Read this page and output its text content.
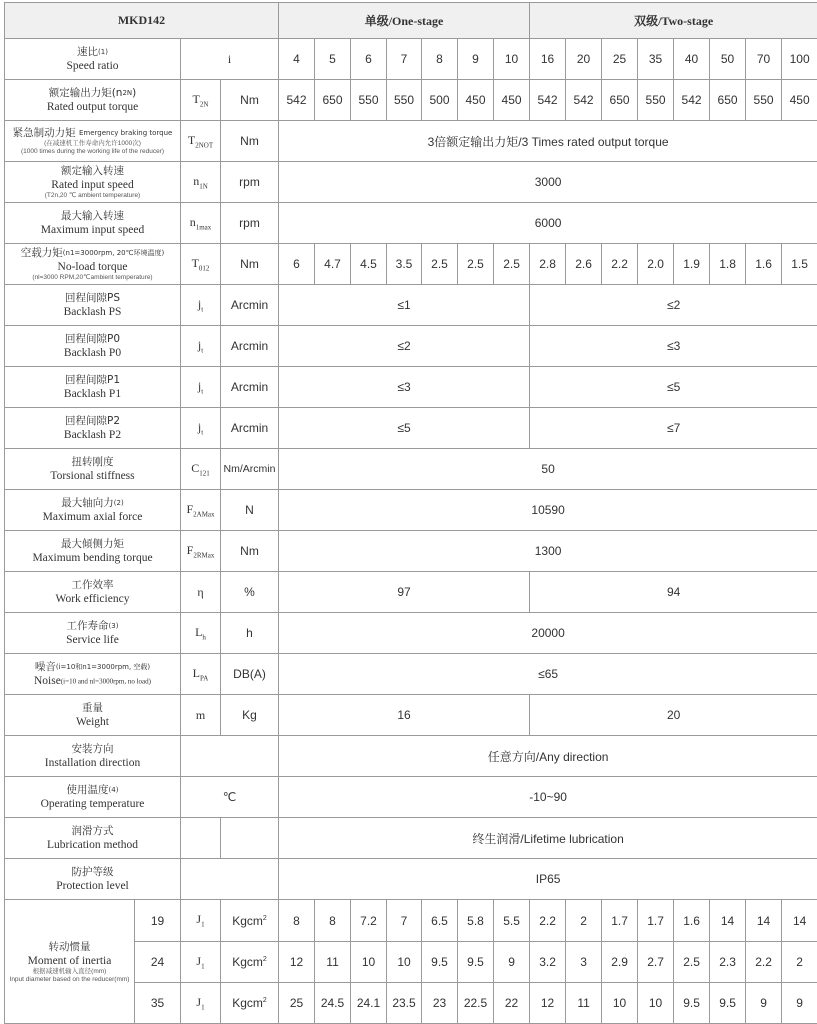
MKD142				单级/One-stage							双级/Two-stage							

速比(1)
Speed ratio		i		4	5	6	7	8	9	10	16	20	25	35	40	50	70	100

额定输出力矩(n2N)
Rated output torque		$T_{2N}$	Nm	542	650	550	550	500	450	450	542	542	650	550	542	650	550	450

紧急制动力矩 Emergency braking torque
(在减速机工作寿命内允许1000次)
(1000 times during the working life of the reducer)		$T_{2NOT}$	Nm	3倍额定输出力矩/3 Times rated output torque														

额定输入转速
Rated input speed
(T2n,20 ℃ ambient temperature)		$n_{1N}$	rpm	3000														

最大输入转速
Maximum input speed		$n_{1max}$	rpm	6000														

空载力矩(n1=3000rpm, 20℃环境温度)
No-load torque
(nl=3000 RPM,20℃ambient temperature)		$T_{012}$	Nm	6	4.7	4.5	3.5	2.5	2.5	2.5	2.8	2.6	2.2	2.0	1.9	1.8	1.6	1.5

回程间隙PS
Backlash PS		$j_t$	Arcmin	≤1							≤2							

回程间隙P0
Backlash P0		$j_t$	Arcmin	≤2							≤3							

回程间隙P1
Backlash P1		$j_t$	Arcmin	≤3							≤5							

回程间隙P2
Backlash P2		$j_t$	Arcmin	≤5							≤7							

扭转刚度
Torsional stiffness		$C_{121}$	Nm/Arcmin	50														

最大轴向力(2)
Maximum axial force		$F_{2AMax}$	N	10590														

最大傾侧力矩
Maximum bending torque		$F_{2RMax}$	Nm	1300														

工作效率
Work efficiency		η	%	97							94							

工作寿命(3)
Service life		$L_h$	h	20000														

噪音(i=10和n1=3000rpm, 空载)
Noise(i=10 and nl=3000rpm, no load)		$L_{PA}$	DB(A)	≤65														

重量
Weight		m	Kg	16							20							

安装方向
Installation direction				任意方向/Any direction														

使用温度(4)
Operating temperature		℃		-10~90														

润滑方式
Lubrication method				终生润滑/Lifetime lubrication														

防护等级
Protection level				IP65														

转动惯量
Moment of inertia
根据减速机输入直径(mm)
Input diameter based on the reducer(mm)	19	$J_1$	Kgcm$^2$	8	8	7.2	7	6.5	5.8	5.5	2.2	2	1.7	1.7	1.6	14	14	14
	24	$J_1$	Kgcm$^2$	12	11	10	10	9.5	9.5	9	3.2	3	2.9	2.7	2.5	2.3	2.2	2
	35	$J_1$	Kgcm$^2$	25	24.5	24.1	23.5	23	22.5	22	12	11	10	10	9.5	9.5	9	9
